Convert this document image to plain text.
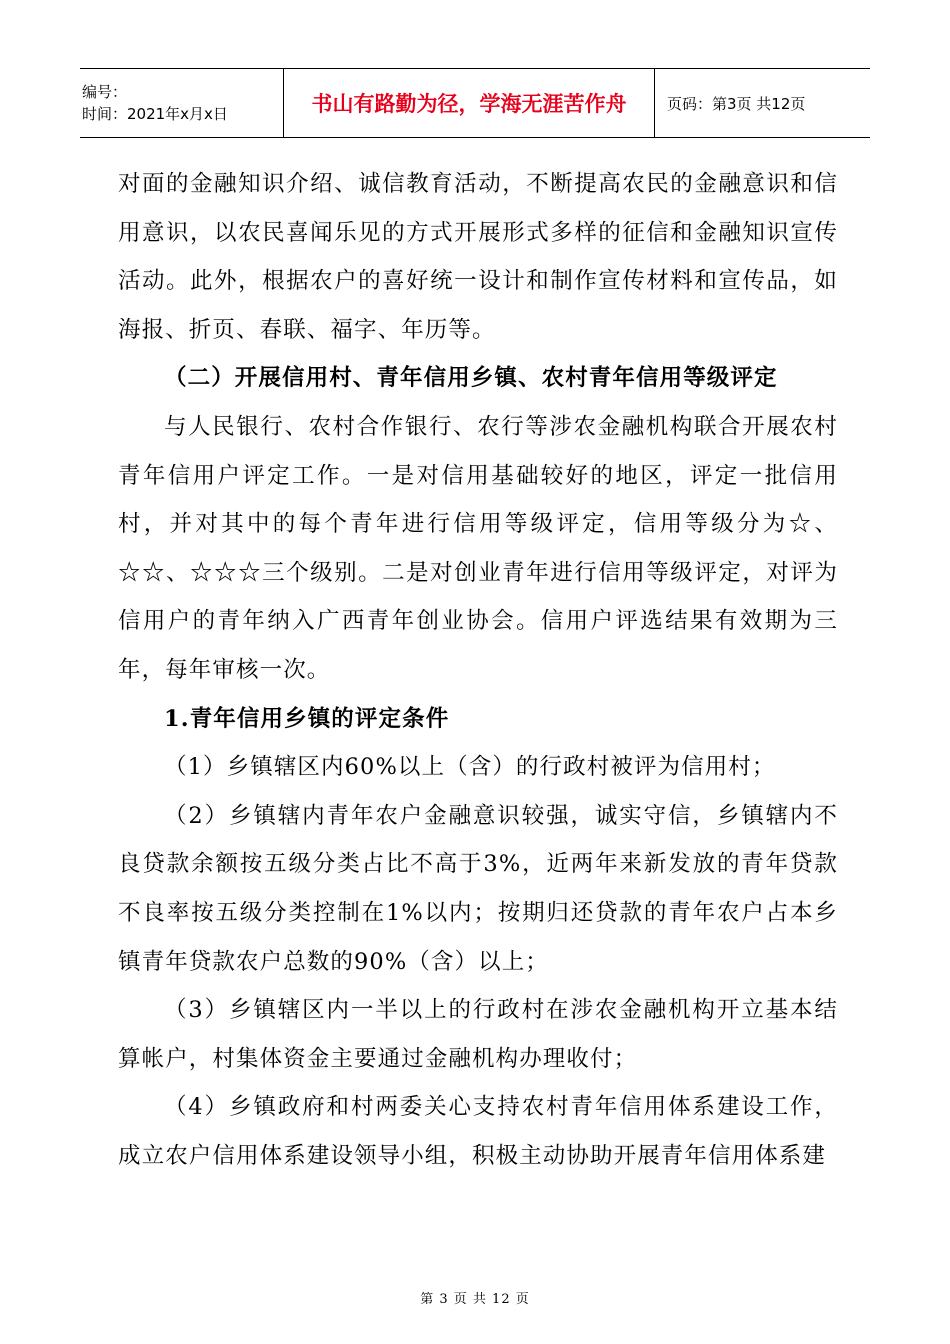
编号：
时间：2021年x月x日	书山有路勤为径，学海无涯苦作舟	页码：第3页 共12页

对面的金融知识介绍、诚信教育活动，不断提高农民的金融意识和信用意识，以农民喜闻乐见的方式开展形式多样的征信和金融知识宣传活动。此外，根据农户的喜好统一设计和制作宣传材料和宣传品，如海报、折页、春联、福字、年历等。

（二）开展信用村、青年信用乡镇、农村青年信用等级评定

与人民银行、农村合作银行、农行等涉农金融机构联合开展农村青年信用户评定工作。一是对信用基础较好的地区，评定一批信用村，并对其中的每个青年进行信用等级评定，信用等级分为☆、☆☆、☆☆☆三个级别。二是对创业青年进行信用等级评定，对评为信用户的青年纳入广西青年创业协会。信用户评选结果有效期为三年，每年审核一次。

1.青年信用乡镇的评定条件

（1）乡镇辖区内60%以上（含）的行政村被评为信用村；

（2）乡镇辖内青年农户金融意识较强，诚实守信，乡镇辖内不良贷款余额按五级分类占比不高于3%，近两年来新发放的青年贷款不良率按五级分类控制在1%以内；按期归还贷款的青年农户占本乡镇青年贷款农户总数的90%（含）以上；

（3）乡镇辖区内一半以上的行政村在涉农金融机构开立基本结算帐户，村集体资金主要通过金融机构办理收付；

（4）乡镇政府和村两委关心支持农村青年信用体系建设工作，成立农户信用体系建设领导小组，积极主动协助开展青年信用体系建

第 3 页 共 12 页
